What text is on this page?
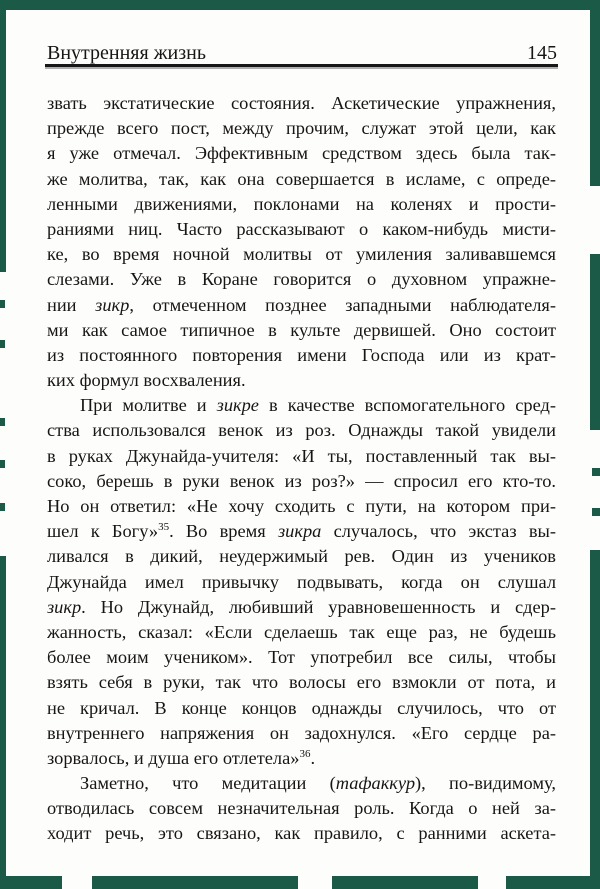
Внутренняя жизнь	145
звать экстатические состояния. Аскетические упражнения,
прежде всего пост, между прочим, служат этой цели, как
я уже отмечал. Эффективным средством здесь была так-
же молитва, так, как она совершается в исламе, с опреде-
ленными движениями, поклонами на коленях и прости-
раниями ниц. Часто рассказывают о каком-нибудь мисти-
ке, во время ночной молитвы от умиления заливавшемся
слезами. Уже в Коране говорится о духовном упражне-
нии зикр, отмеченном позднее западными наблюдателя-
ми как самое типичное в культе дервишей. Оно состоит
из постоянного повторения имени Господа или из крат-
ких формул восхваления.
При молитве и зикре в качестве вспомогательного сред-
ства использовался венок из роз. Однажды такой увидели
в руках Джунайда-учителя: «И ты, поставленный так вы-
соко, берешь в руки венок из роз?» — спросил его кто-то.
Но он ответил: «Не хочу сходить с пути, на котором при-
шел к Богу»$^{35}$. Во время зикра случалось, что экстаз вы-
ливался в дикий, неудержимый рев. Один из учеников
Джунайда имел привычку подвывать, когда он слушал
зикр. Но Джунайд, любивший уравновешенность и сдер-
жанность, сказал: «Если сделаешь так еще раз, не будешь
более моим учеником». Тот употребил все силы, чтобы
взять себя в руки, так что волосы его взмокли от пота, и
не кричал. В конце концов однажды случилось, что от
внутреннего напряжения он задохнулся. «Его сердце ра-
зорвалось, и душа его отлетела»$^{36}$.
Заметно, что медитации (тафаккур), по-видимому,
отводилась совсем незначительная роль. Когда о ней за-
ходит речь, это связано, как правило, с ранними аскета-
